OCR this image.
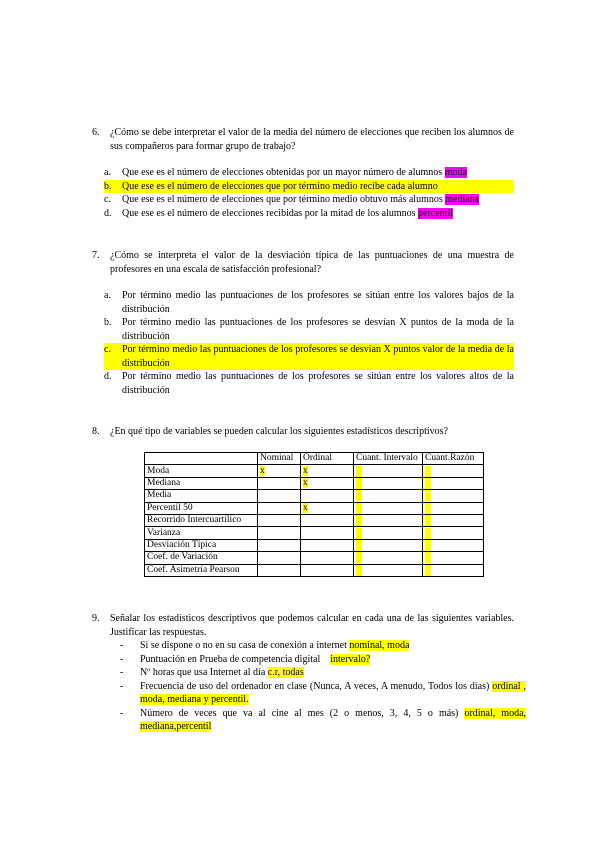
6.	¿Cómo se debe interpretar el valor de la media del número de elecciones que reciben los alumnos de sus compañeros para formar grupo de trabajo?
a.	Que ese es el número de elecciones obtenidas por un mayor número de alumnos moda
b.	Que ese es el número de elecciones que por término medio recibe cada alumno
c.	Que ese es el número de elecciones que por término medio obtuvo más alumnos mediana
d.	Que ese es el número de elecciones recibidas por la mitad de los alumnos percentil
7.	¿Cómo se interpreta el valor de la desviación típica de las puntuaciones de una muestra de profesores en una escala de satisfacción profesional?
a.	Por término medio las puntuaciones de los profesores se sitúan entre los valores bajos de la distribución
b.	Por término medio las puntuaciones de los profesores se desvían X puntos de la moda de la distribución
c.	Por término medio las puntuaciones de los profesores se desvían X puntos valor de la media de la distribución
d.	Por término medio las puntuaciones de los profesores se sitúan entre los valores altos de la distribución
8.	¿En qué tipo de variables se pueden calcular los siguientes estadísticos descriptivos?
	Nominal	Ordinal	Cuant. Intervalo	Cuant.Razón
Moda	x	x		
Mediana		x		
Media				
Percentil 50		x		
Recorrido Intercuartílico				
Varianza				
Desviación Típica				
Coef. de Variación				
Coef. Asimetría Pearson				
9.	Señalar los estadísticos descriptivos que podemos calcular en cada una de las siguientes variables. Justificar las respuestas.
-	Si se dispone o no en su casa de conexión a internet nominal, moda
-	Puntuación en Prueba de competencia digital intervalo?
-	Nº horas que usa Internet al día c.r, todas
-	Frecuencia de uso del ordenador en clase (Nunca, A veces, A menudo, Todos los días) ordinal , moda, mediana y percentil.
-	Número de veces que va al cine al mes (2 o menos, 3, 4, 5 o más) ordinal, moda, mediana,percentil
